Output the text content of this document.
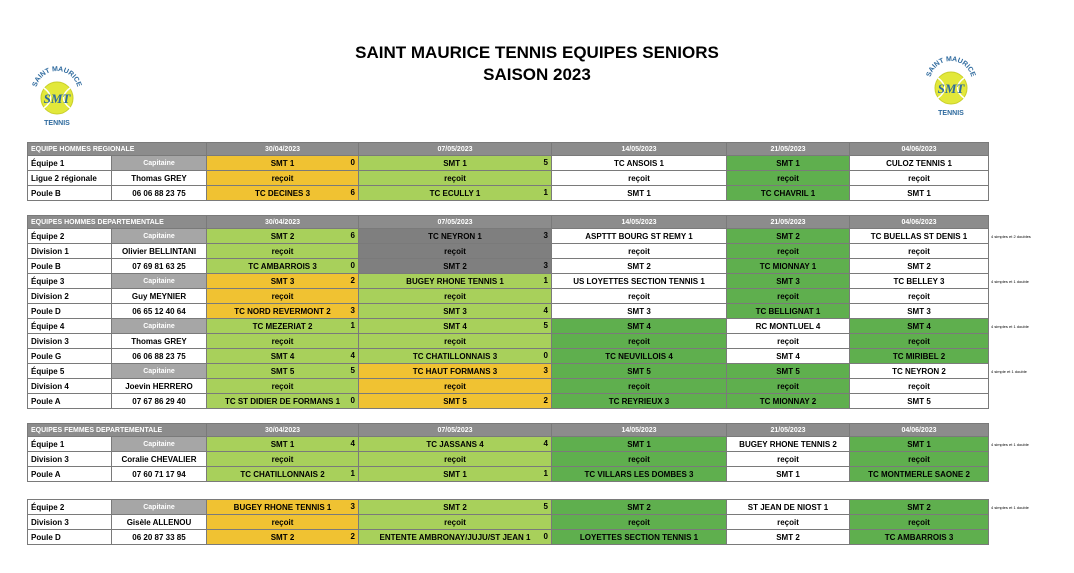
SAINT MAURICE TENNIS EQUIPES SENIORS
SAISON 2023
SAINT MAURICE
SMT
TENNIS
SAINT MAURICE
SMT
TENNIS
EQUIPE HOMMES REGIONALE		30/04/2023	07/05/2023	14/05/2023	21/05/2023	04/06/2023
Équipe 1	Capitaine	SMT 1 0	SMT 1 5	TC ANSOIS 1	SMT 1	CULOZ TENNIS 1

Ligue 2 régionale	Thomas GREY	reçoit	reçoit	reçoit	reçoit	reçoit
Poule B	06 06 88 23 75	TC DECINES 3 6	TC ECULLY 1 1	SMT 1	TC CHAVRIL 1	SMT 1
EQUIPES HOMMES DEPARTEMENTALE		30/04/2023	07/05/2023	14/05/2023	21/05/2023	04/06/2023
Équipe 2	Capitaine	SMT 2 6	TC NEYRON 1 3	ASPTTT BOURG ST REMY 1	SMT 2	TC BUELLAS ST DENIS 1

Division 1	Olivier BELLINTANI	reçoit	reçoit	reçoit	reçoit	reçoit
Poule B	07 69 81 63 25	TC AMBARROIS 3 0	SMT 2 3	SMT 2	TC MIONNAY 1	SMT 2

Équipe 3	Capitaine	SMT 3 2	BUGEY RHONE TENNIS 1 1	US LOYETTES SECTION TENNIS 1	SMT 3	TC BELLEY 3

Division 2	Guy MEYNIER	reçoit	reçoit	reçoit	reçoit	reçoit
Poule D	06 65 12 40 64	TC NORD REVERMONT 2 3	SMT 3 4	SMT 3	TC BELLIGNAT 1	SMT 3

Équipe 4	Capitaine	TC MEZERIAT 2 1	SMT 4 5	SMT 4	RC MONTLUEL 4	SMT 4

Division 3	Thomas GREY	reçoit	reçoit	reçoit	reçoit	reçoit
Poule G	06 06 88 23 75	SMT 4 4	TC CHATILLONNAIS 3 0	TC NEUVILLOIS 4	SMT 4	TC MIRIBEL 2

Équipe 5	Capitaine	SMT 5 5	TC HAUT FORMANS 3 3	SMT 5	SMT 5	TC NEYRON 2

Division 4	Joevin HERRERO	reçoit	reçoit	reçoit	reçoit	reçoit
Poule A	07 67 86 29 40	TC ST DIDIER DE FORMANS 1 0	SMT 5 2	TC REYRIEUX 3	TC MIONNAY 2	SMT 5
EQUIPES FEMMES DEPARTEMENTALE		30/04/2023	07/05/2023	14/05/2023	21/05/2023	04/06/2023
Équipe 1	Capitaine	SMT 1 4	TC JASSANS 4 4	SMT 1	BUGEY RHONE TENNIS 2	SMT 1

Division 3	Coralie CHEVALIER	reçoit	reçoit	reçoit	reçoit	reçoit
Poule A	07 60 71 17 94	TC CHATILLONNAIS 2 1	SMT 1 1	TC VILLARS LES DOMBES 3	SMT 1	TC MONTMERLE SAONE 2
Équipe 2	Capitaine	BUGEY RHONE TENNIS 1 3	SMT 2 5	SMT 2	ST JEAN DE NIOST 1	SMT 2

Division 3	Gisèle ALLENOU	reçoit	reçoit	reçoit	reçoit	reçoit
Poule D	06 20 87 33 85	SMT 2 2	ENTENTE AMBRONAY/JUJU/ST JEAN 1 0	LOYETTES SECTION TENNIS 1	SMT 2	TC AMBARROIS 3
4 simples et 2 doubles
4 simples et 1 double
4 simples et 1 double
4 simple et 1 double
4 simples et 1 double
4 simples et 1 double
